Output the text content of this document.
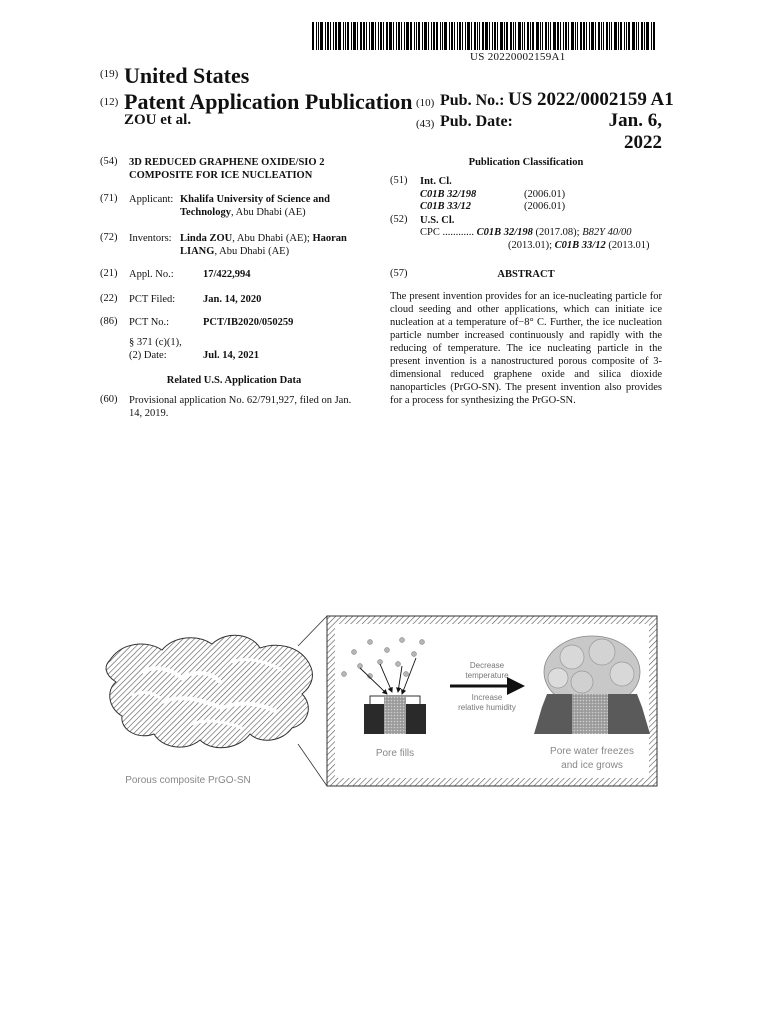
US 20220002159A1
(19) United States
(12) Patent Application Publication
ZOU et al.
(10) Pub. No.: US 2022/0002159 A1
(43) Pub. Date:	Jan. 6, 2022
(54) 3D REDUCED GRAPHENE OXIDE/SIO 2
COMPOSITE FOR ICE NUCLEATION
(71) Applicant: Khalifa University of Science and
Technology, Abu Dhabi (AE)
(72) Inventors: Linda ZOU, Abu Dhabi (AE); Haoran
LIANG, Abu Dhabi (AE)
(21) Appl. No.:	17/422,994
(22) PCT Filed:	Jan. 14, 2020
(86) PCT No.:	PCT/IB2020/050259
§ 371 (c)(1),
(2) Date:	Jul. 14, 2021
Related U.S. Application Data
(60) Provisional application No. 62/791,927, filed on Jan.
14, 2019.
Publication Classification
(51) Int. Cl.
C01B 32/198	(2006.01)
C01B 33/12	(2006.01)
(52) U.S. Cl.
CPC ............ C01B 32/198 (2017.08); B82Y 40/00
(2013.01); C01B 33/12 (2013.01)
(57)	ABSTRACT
The present invention provides for an ice-nucleating particle for cloud seeding and other applications, which can initiate ice nucleation at a temperature of−8° C. Further, the ice nucleation particle number increased continuously and rapidly with the reducing of temperature. The ice nucleating particle in the present invention is a nanostructured porous composite of 3-dimensional reduced graphene oxide and silica dioxide nanoparticles (PrGO-SN). The present invention also provides for a process for synthesizing the PrGO-SN.
Decrease
temperature
Increase
relative humidity
Pore fills	Pore water freezes
and ice grows
Porous composite PrGO-SN
